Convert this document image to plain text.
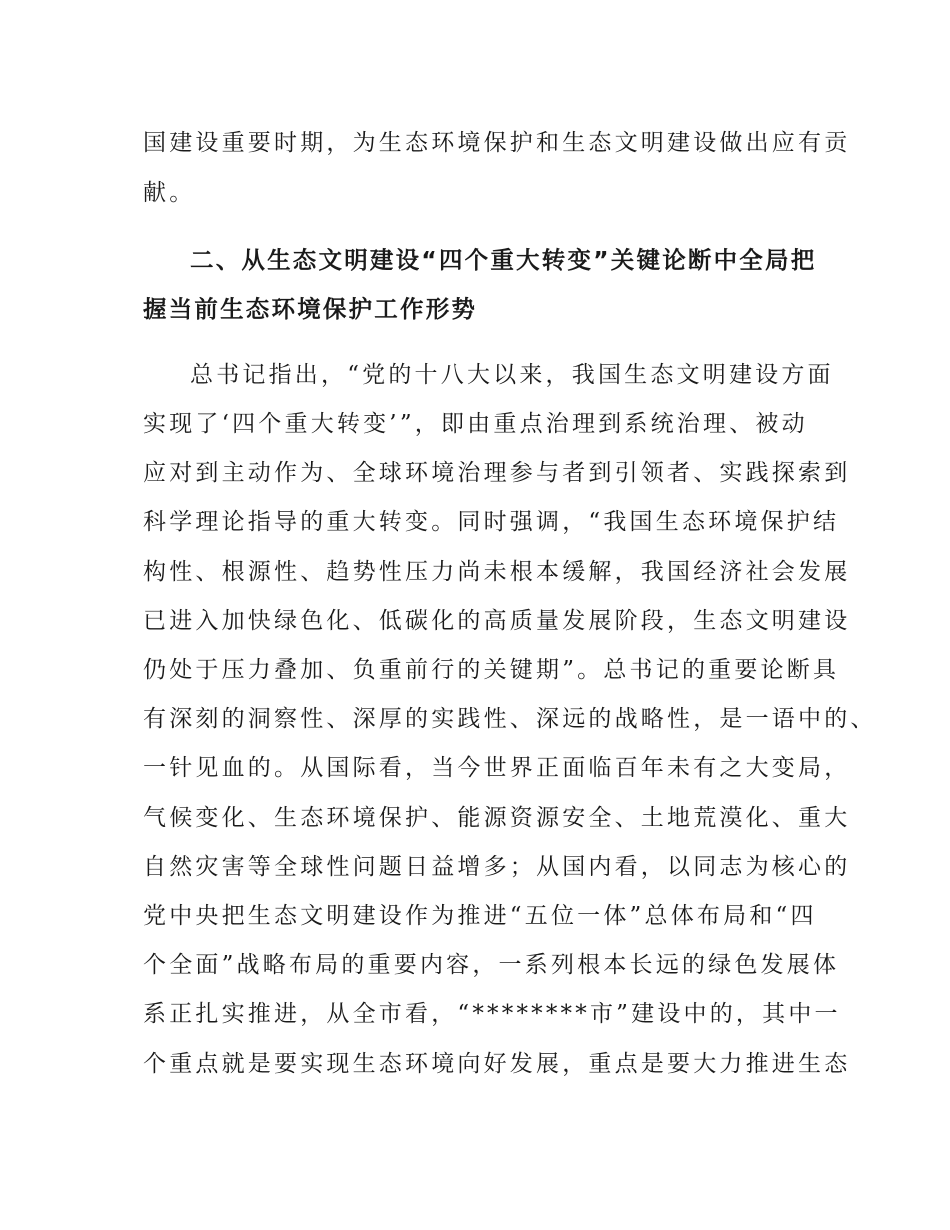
国建设重要时期，为生态环境保护和生态文明建设做出应有贡
献。
二、从生态文明建设“四个重大转变”关键论断中全局把
握当前生态环境保护工作形势
总书记指出，“党的十八大以来，我国生态文明建设方面
实现了‘四个重大转变’”，即由重点治理到系统治理、被动
应对到主动作为、全球环境治理参与者到引领者、实践探索到
科学理论指导的重大转变。同时强调，“我国生态环境保护结
构性、根源性、趋势性压力尚未根本缓解，我国经济社会发展
已进入加快绿色化、低碳化的高质量发展阶段，生态文明建设
仍处于压力叠加、负重前行的关键期”。总书记的重要论断具
有深刻的洞察性、深厚的实践性、深远的战略性，是一语中的、
一针见血的。从国际看，当今世界正面临百年未有之大变局，
气候变化、生态环境保护、能源资源安全、土地荒漠化、重大
自然灾害等全球性问题日益增多；从国内看，以同志为核心的
党中央把生态文明建设作为推进“五位一体”总体布局和“四
个全面”战略布局的重要内容，一系列根本长远的绿色发展体
系正扎实推进，从全市看，“********市”建设中的，其中一
个重点就是要实现生态环境向好发展，重点是要大力推进生态
